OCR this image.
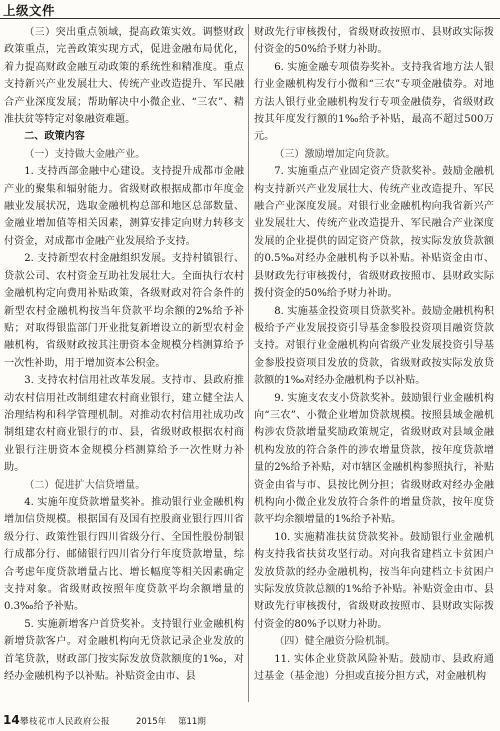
上级文件

（三）突出重点领域，提高政策实效。调整财政政策重点，完善政策实现方式，促进金融布局优化，着力提高财政金融互动政策的系统性和精准度。重点支持新兴产业发展壮大、传统产业改造提升、军民融合产业深度发展；帮助解决中小微企业、“三农”、精准扶贫等特定对象融资难题。

二、政策内容

（一）支持做大金融产业。

1. 支持西部金融中心建设。支持提升成都市金融产业的聚集和辐射能力。省级财政根据成都市年度金融业发展状况，选取金融机构总部和地区总部数量、金融业增加值等相关因素，测算安排定向财力转移支付资金，对成都市金融产业发展给予支持。

2. 支持新型农村金融组织发展。支持村镇银行、贷款公司、农村资金互助社发展壮大。全面执行农村金融机构定向费用补贴政策，各级财政对符合条件的新型农村金融机构按当年贷款平均余额的2%给予补贴；对取得银监部门开业批复新增设立的新型农村金融机构，省级财政按其注册资本金规模分档测算给予一次性补助，用于增加资本公积金。

3. 支持农村信用社改革发展。支持市、县政府推动农村信用社改制组建农村商业银行，建立健全法人治理结构和科学管理机制。对推动农村信用社成功改制组建农村商业银行的市、县，省级财政根据农村商业银行注册资本金规模分档测算给予一次性财力补助。

（二）促进扩大信贷增量。

4. 实施年度贷款增量奖补。推动银行业金融机构增加信贷规模。根据国有及国有控股商业银行四川省级分行、政策性银行四川省级分行、全国性股份制银行成都分行、邮储银行四川省分行年度贷款增量，综合考虑年度贷款增量占比、增长幅度等相关因素确定支持对象。省级财政按照年度贷款平均余额增量的0.3‰给予补贴。

5. 实施新增客户首贷奖补。支持银行业金融机构新增贷款客户。对金融机构向无贷款记录企业发放的首笔贷款，财政部门按实际发放贷款额度的1‰，对经办金融机构予以补贴。补贴资金由市、县

财政先行审核拨付，省级财政按照市、县财政实际拨付资金的50%给予财力补助。

6. 实施金融专项债券奖补。支持我省地方法人银行业金融机构发行小微和“三农”专项金融债券。对地方法人银行业金融机构发行专项金融债券，省级财政按其年度发行额的1‰给予补贴，最高不超过500万元。

（三）激励增加定向贷款。

7. 实施重点产业固定资产贷款奖补。鼓励金融机构支持新兴产业发展壮大、传统产业改造提升、军民融合产业深度发展。对银行业金融机构向我省新兴产业发展壮大、传统产业改造提升、军民融合产业深度发展的企业提供的固定资产贷款，按实际发放贷款额的0.5‰对经办金融机构予以补贴。补贴资金由市、县财政先行审核拨付，省级财政按照市、县财政实际拨付资金的50%给予财力补助。

8. 实施基金投资项目贷款奖补。鼓励金融机构积极给予产业发展投资引导基金参股投资项目融资贷款支持。对银行业金融机构向省级产业发展投资引导基金参股投资项目发放的贷款，省级财政按实际发放贷款额的1‰对经办金融机构予以补贴。

9. 实施支农支小贷款奖补。鼓励银行业金融机构向“三农”、小微企业增加贷款规模。按照县域金融机构涉农贷款增量奖励政策规定，省级财政对县域金融机构发放的符合条件的涉农增量贷款，按年度贷款增量的2%给予补贴，对市辖区金融机构参照执行，补贴资金由省与市、县按比例分担；省级财政对经办金融机构向小微企业发放符合条件的增量贷款，按年度贷款平均余额增量的1%给予补贴。

10. 实施精准扶贫贷款奖补。鼓励银行业金融机构支持我省扶贫攻坚行动。对向我省建档立卡贫困户发放贷款的经办金融机构，按当年向建档立卡贫困户实际发放贷款总额的1%给予补贴。补贴资金由市、县财政先行审核拨付，省级财政按照市、县财政实际拨付资金的80%予以财力补助。

（四）健全融资分险机制。

11. 实体企业贷款风险补贴。鼓励市、县政府通过基金（基金池）分担或直接分担方式，对金融机构

14 攀枝花市人民政府公报	2015年 第11期
